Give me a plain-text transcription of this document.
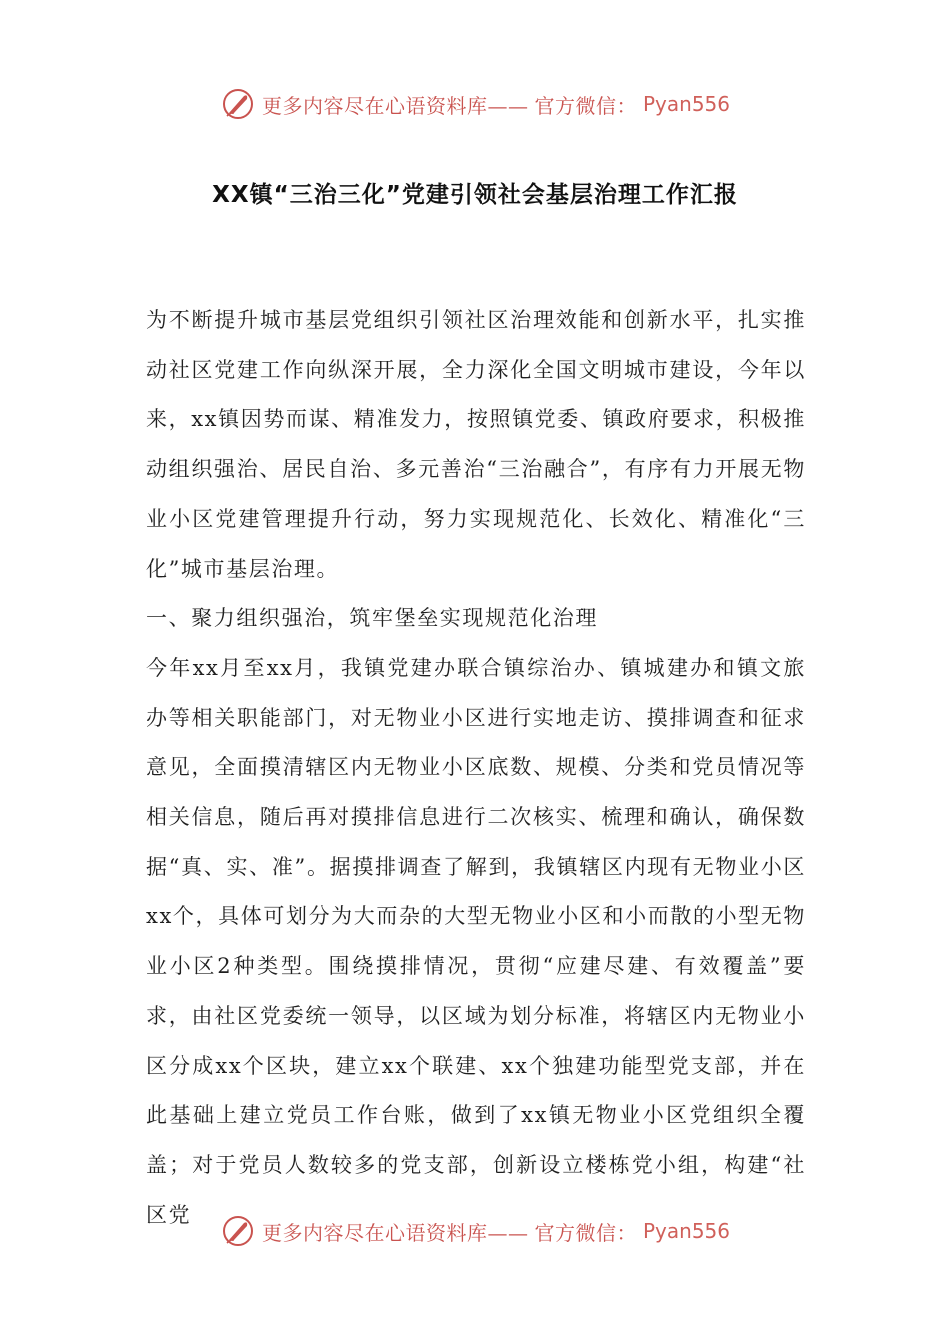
更多内容尽在心语资料库—— 官方微信： Pyan556
XX镇“三治三化”党建引领社会基层治理工作汇报

为不断提升城市基层党组织引领社区治理效能和创新水平，扎实推动社区党建工作向纵深开展，全力深化全国文明城市建设，今年以来，xx镇因势而谋、精准发力，按照镇党委、镇政府要求，积极推动组织强治、居民自治、多元善治“三治融合”，有序有力开展无物业小区党建管理提升行动，努力实现规范化、长效化、精准化“三化”城市基层治理。

一、聚力组织强治，筑牢堡垒实现规范化治理

今年xx月至xx月，我镇党建办联合镇综治办、镇城建办和镇文旅办等相关职能部门，对无物业小区进行实地走访、摸排调查和征求意见，全面摸清辖区内无物业小区底数、规模、分类和党员情况等相关信息，随后再对摸排信息进行二次核实、梳理和确认，确保数据“真、实、准”。据摸排调查了解到，我镇辖区内现有无物业小区xx个，具体可划分为大而杂的大型无物业小区和小而散的小型无物业小区2种类型。围绕摸排情况，贯彻“应建尽建、有效覆盖”要求，由社区党委统一领导，以区域为划分标准，将辖区内无物业小区分成xx个区块，建立xx个联建、xx个独建功能型党支部，并在此基础上建立党员工作台账，做到了xx镇无物业小区党组织全覆盖；对于党员人数较多的党支部，创新设立楼栋党小组，构建“社区党

更多内容尽在心语资料库—— 官方微信： Pyan556
